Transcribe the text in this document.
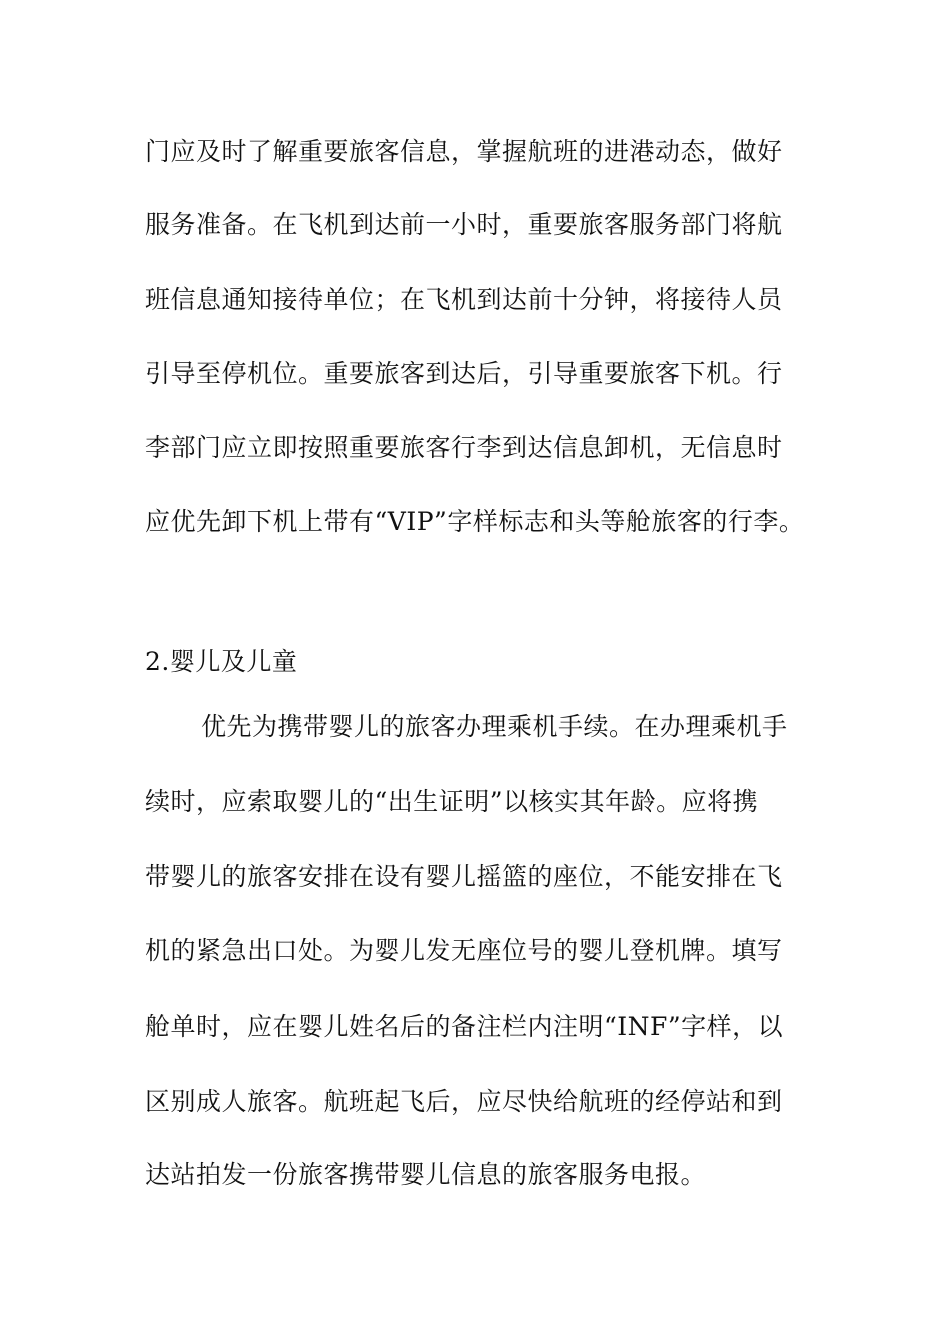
门应及时了解重要旅客信息，掌握航班的进港动态，做好
服务准备。在飞机到达前一小时，重要旅客服务部门将航
班信息通知接待单位；在飞机到达前十分钟，将接待人员
引导至停机位。重要旅客到达后，引导重要旅客下机。行
李部门应立即按照重要旅客行李到达信息卸机，无信息时
应优先卸下机上带有“VIP”字样标志和头等舱旅客的行李。
2.婴儿及儿童
优先为携带婴儿的旅客办理乘机手续。在办理乘机手
续时，应索取婴儿的“出生证明”以核实其年龄。应将携
带婴儿的旅客安排在设有婴儿摇篮的座位，不能安排在飞
机的紧急出口处。为婴儿发无座位号的婴儿登机牌。填写
舱单时，应在婴儿姓名后的备注栏内注明“INF”字样，以
区别成人旅客。航班起飞后，应尽快给航班的经停站和到
达站拍发一份旅客携带婴儿信息的旅客服务电报。
